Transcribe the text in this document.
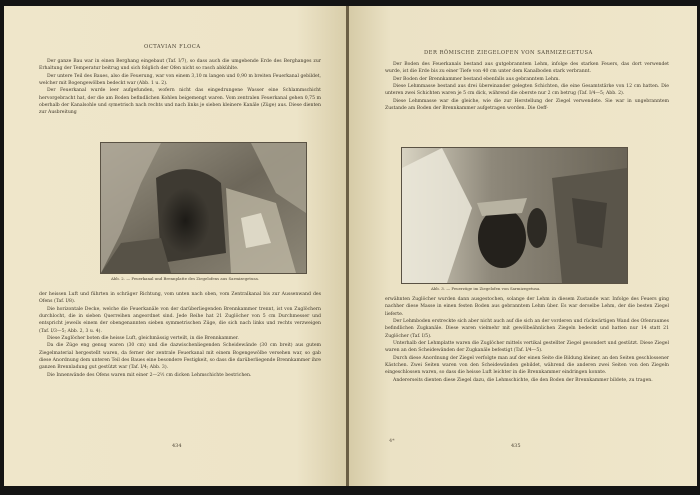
OCTAVIAN FLOCA

Der ganze Bau war in einen Berghang eingebaut (Taf. I/7), so dass auch die umgebende Erde des Berghanges zur Erhaltung der Temperatur beitrug und sich folglich der Ofen nicht so rasch abkühlte.

Der untere Teil des Baues, also die Feuerung, war von einem 3,10 m langen und 0,90 m breiten Feuerkanal gebildet, welcher mit Bogengewölben bedeckt war (Abb. 1 u. 2).

Der Feuerkanal wurde leer aufgefunden, wofern nicht das eingedrungene Wasser eine Schlammschicht hervorgebracht hat, der die am Boden befindlichen Kohlen beigemengt waren. Vom zentralen Feuerkanal gehen 0,75 m oberhalb der Kanalsohle und symetrisch nach rechts und nach links je sieben kleinere Kanäle (Züge) aus. Diese dienten zur Ausbreitung

Abb. 2. — Feuerkanal und Brennplatte des Ziegelofens aus Sarmizegetusa.

der heissen Luft und führten in schräger Richtung, vom unten nach oben, vom Zentralkanal bis zur Aussenwand des Ofens (Taf. I/8).

Die horizontale Decke, welche die Feuerkanäle von der darüberliegenden Brennkammer trennt, ist von Zuglöchern durchlocht, die in sieben Querreihen angeordnet sind. Jede Reihe hat 21 Zuglöcher von 5 cm Durchmesser und entspricht jeweils einem der obengenannten sieben symmetrischen Züge, die sich nach links und rechts verzweigen (Taf. I/3—5; Abb. 2, 3 u. 4).

Diese Zuglöcher boten die heisse Luft, gleichmässig verteilt, in die Brennkammer.

Da die Züge eng genug waren (30 cm) und die dazwischenliegenden Scheidewände (30 cm breit) aus gutem Ziegelmaterial hergestellt waren, da ferner der zentrale Feuerkanal mit einem Bogengewölbe versehen war, so gab diese Anordnung dem unteren Teil des Baues eine besondere Festigkeit, so dass die darüberliegende Brennkammer ihre ganzen Brennladung gut gestützt war (Taf. I/4; Abb. 3).

Die Innenwände des Ofens waren mit einer 2—2½ cm dicken Lehmschichte bestrichen.

434
DER RÖMISCHE ZIEGELOFEN VON SARMIZEGETUSA

Der Boden des Feuerkanals bestand aus gutgebranntem Lehm, infolge des starken Feuers, das dort verwendet wurde, ist die Erde bis zu einer Tiefe von 40 cm unter dem Kanalboden stark verbrannt.

Der Boden der Brennkammer bestand ebenfalls aus gebranntem Lehm.

Diese Lehmmasse bestand aus drei übereinander gelegten Schichten, die eine Gesamtstärke von 12 cm hatten. Die unteren zwei Schichten waren je 5 cm dick, während die oberste nur 2 cm betrug (Taf. I/4—5; Abb. 2).

Diese Lehmmasse war die gleiche, wie die zur Herstellung der Ziegel verwendete. Sie war in ungebranntem Zustande am Boden der Brennkammer aufgetragen worden. Die Oeff-

Abb. 3. — Feuerzüge im Ziegelofen von Sarmizegetusa.

erwähnten Zuglöcher wurden dann ausgestochen, solange der Lehm in diesem Zustande war. Infolge des Feuers ging nachher diese Masse in einen festen Boden aus gebranntem Lehm über. Es war derselbe Lehm, der die besten Ziegel lieferte.

Der Lehmboden erstreckte sich aber nicht auch auf die sich an der vorderen und rückwärtigen Wand des Ofenraumes befindlichen Zugkanäle. Diese waren vielmehr mit gewölbeähnlichen Ziegeln bedeckt und hatten nur 14 statt 21 Zuglöcher (Taf. I/5).

Unterhalb der Lehmplatte waren die Zuglöcher mittels vertikal gestellter Ziegel gesondert und gestützt. Diese Ziegel waren an den Scheidewänden der Zugkanäle befestigt (Taf. I/4—5).

Durch diese Anordnung der Ziegel verfolgte man auf der einen Seite die Bildung kleiner, an den Seiten geschlossener Kästchen. Zwei Seiten waren von den Scheidewänden gebildet, während die anderen zwei Seiten von den Ziegeln eingeschlossen waren, so dass die heisse Luft leichter in die Brennkammer eindringen konnte.

Andererseits dienten diese Ziegel dazu, die Lehmschichte, die den Boden der Brennkammer bildete, zu tragen.

4*
435
